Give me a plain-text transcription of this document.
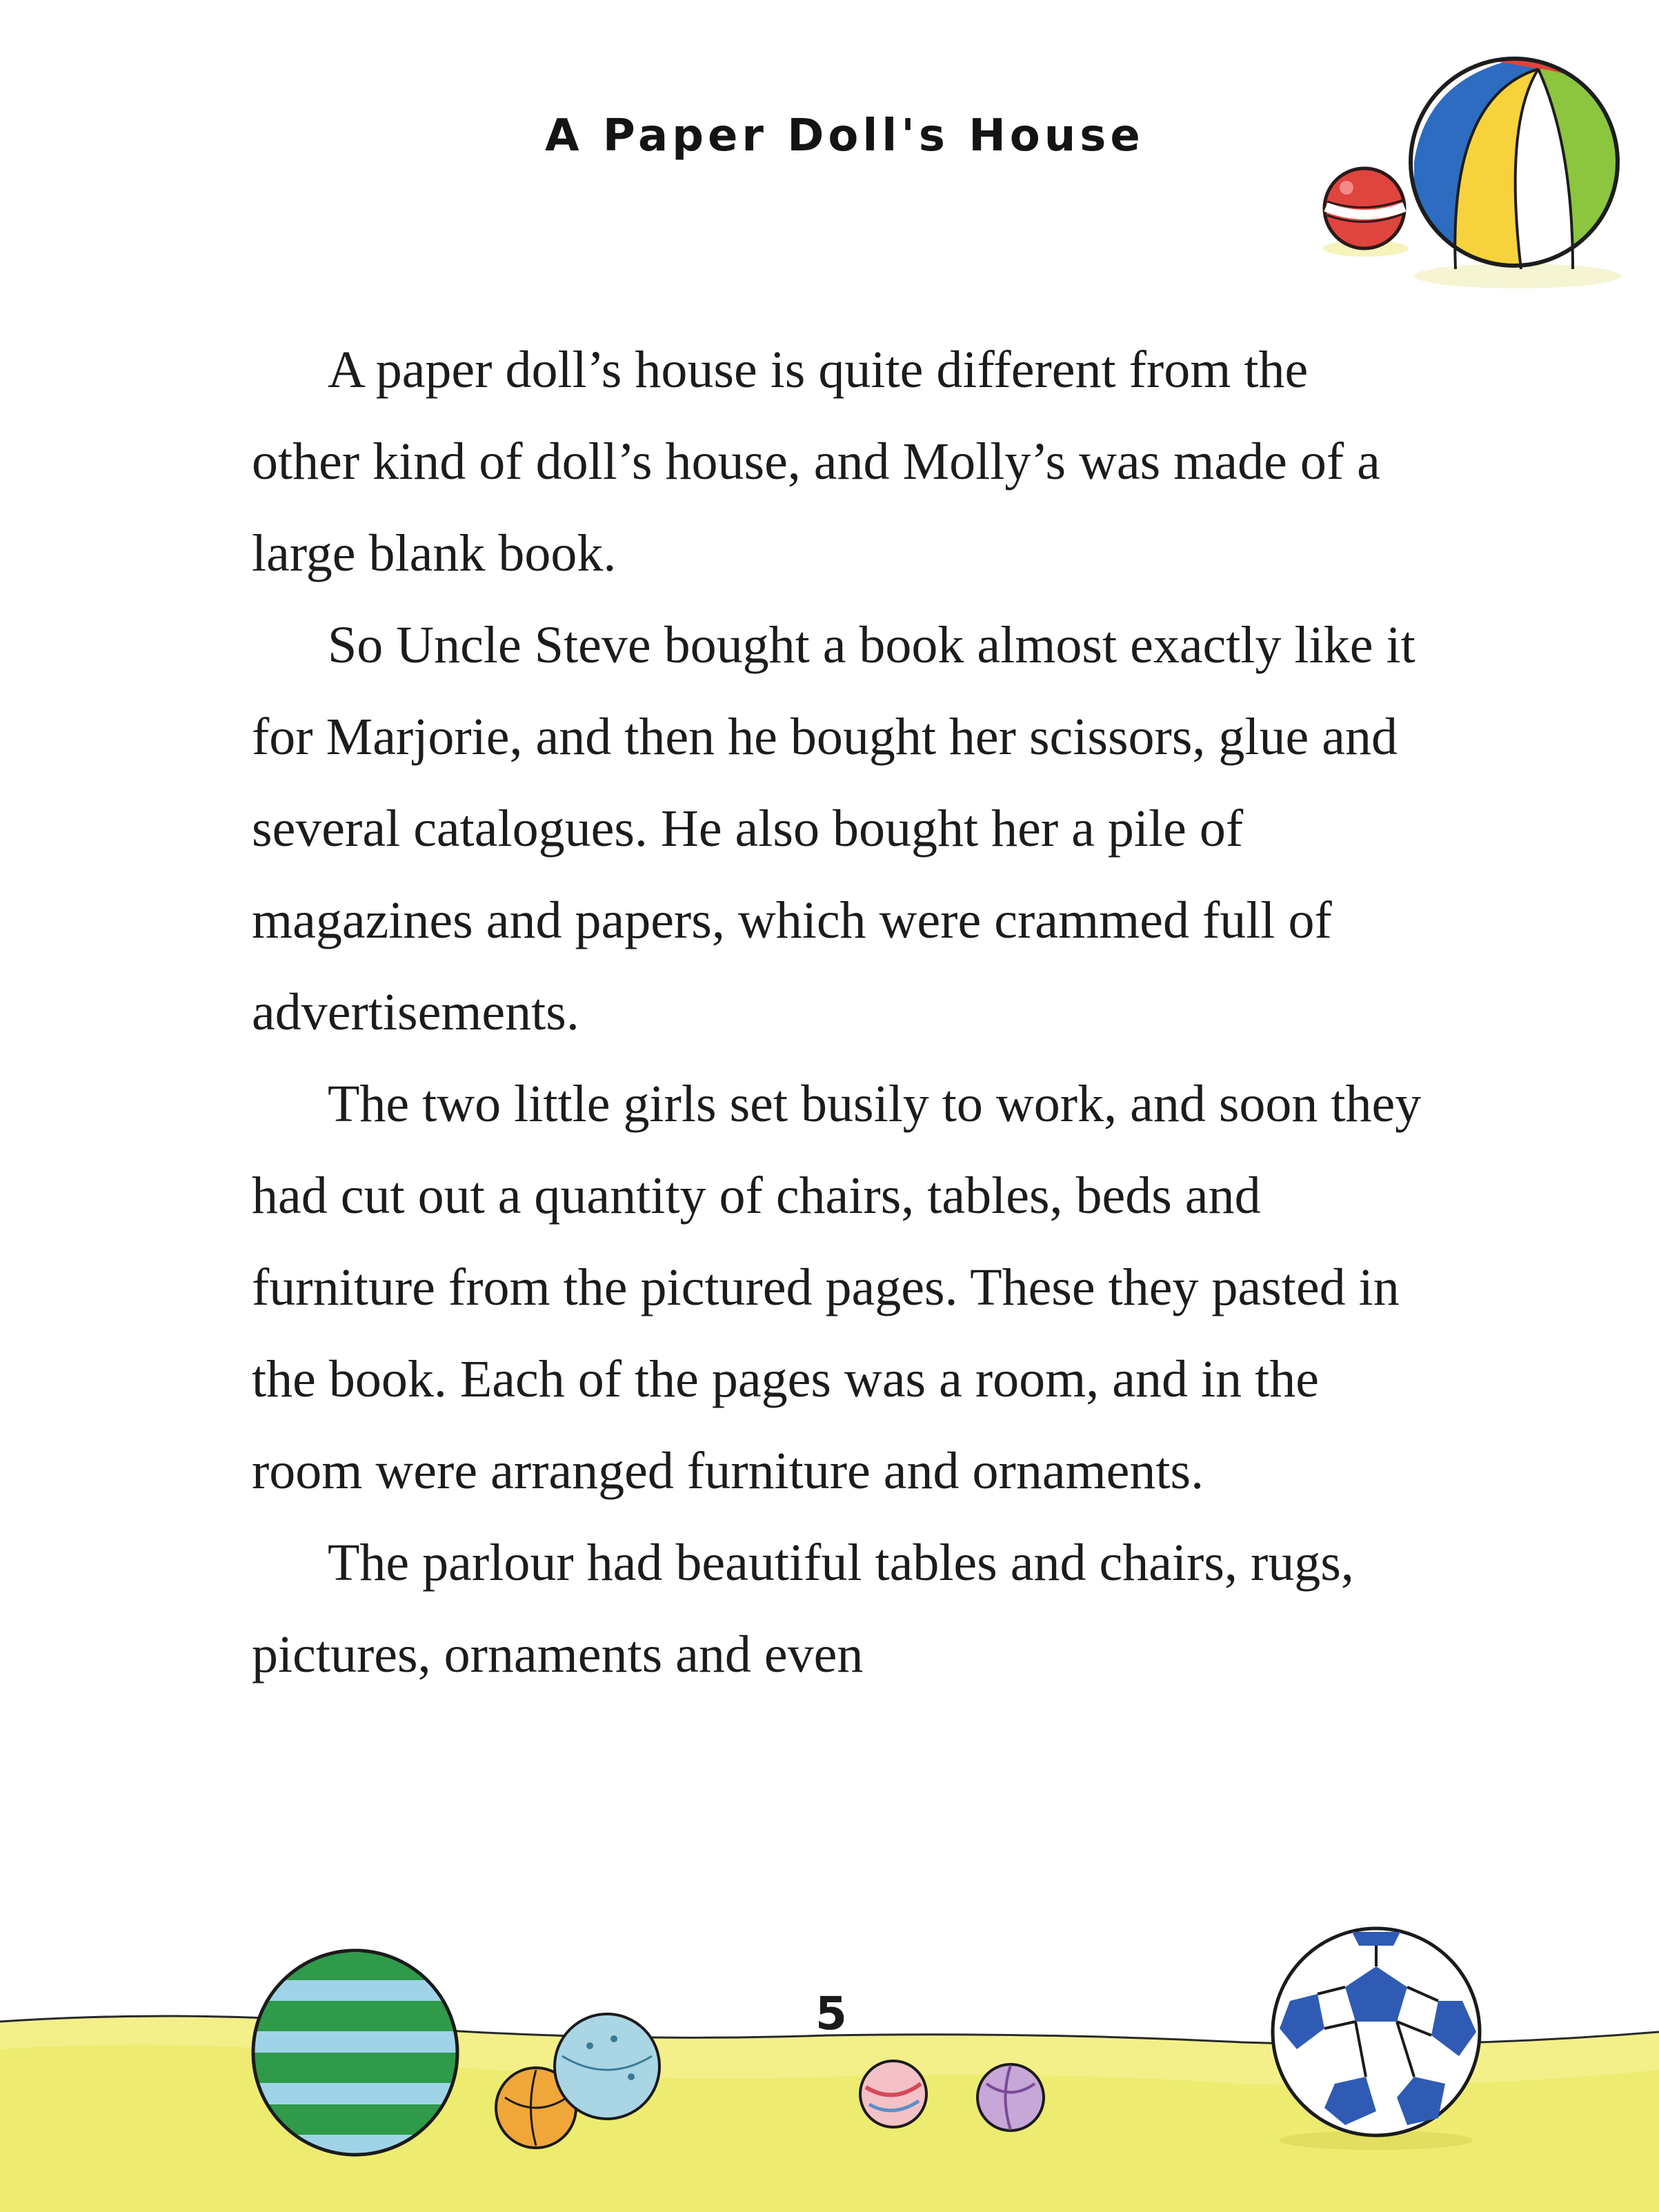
A Paper Doll's House

A paper doll’s house is quite different from the other kind of doll’s house, and Molly’s was made of a large blank book.

So Uncle Steve bought a book almost exactly like it for Marjorie, and then he bought her scissors, glue and several catalogues. He also bought her a pile of magazines and papers, which were crammed full of advertisements.

The two little girls set busily to work, and soon they had cut out a quantity of chairs, tables, beds and furniture from the pictured pages. These they pasted in the book. Each of the pages was a room, and in the room were arranged furniture and ornaments.

The parlour had beautiful tables and chairs, rugs, pictures, ornaments and even

5
